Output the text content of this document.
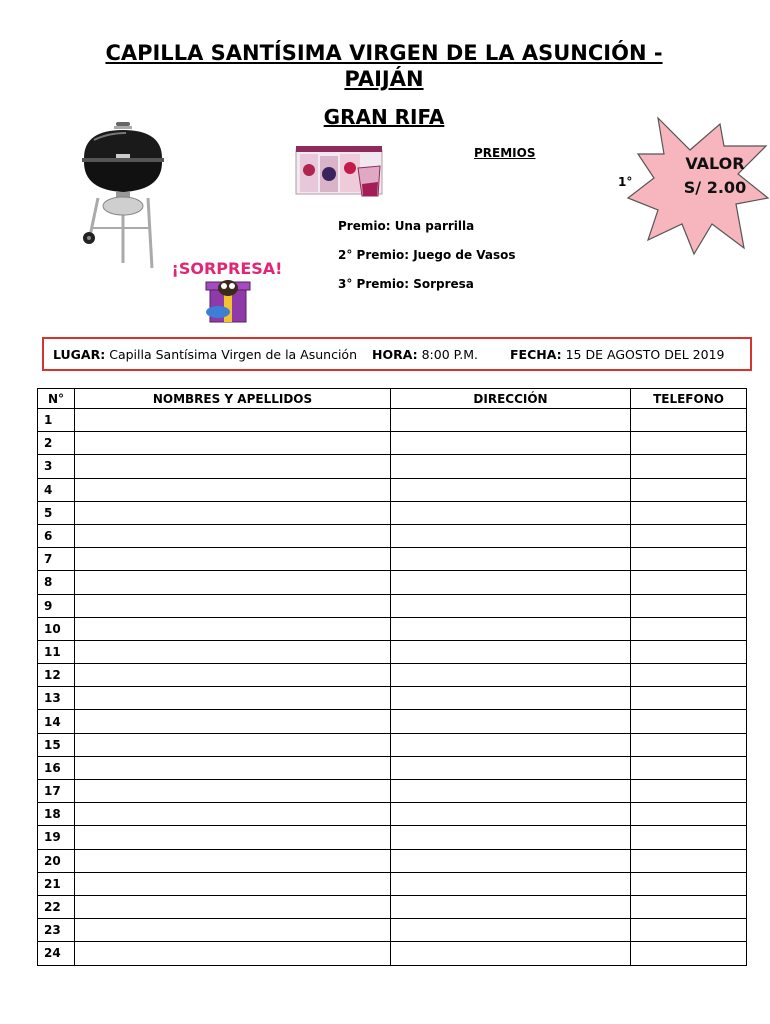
CAPILLA SANTÍSIMA VIRGEN DE LA ASUNCIÓN -
PAIJÁN
GRAN RIFA
¡SORPRESA!
PREMIOS
1°
Premio: Una parrilla
2° Premio: Juego de Vasos
3° Premio: Sorpresa
VALOR
S/ 2.00
LUGAR: Capilla Santísima Virgen de la Asunción HORA: 8:00 P.M.	FECHA: 15 DE AGOSTO DEL 2019
N°	NOMBRES Y APELLIDOS	DIRECCIÓN	TELEFONO
1			
2			
3			
4			
5			
6			
7			
8			
9			
10			
11			
12			
13			
14			
15			
16			
17			
18			
19			
20			
21			
22			
23			
24			
